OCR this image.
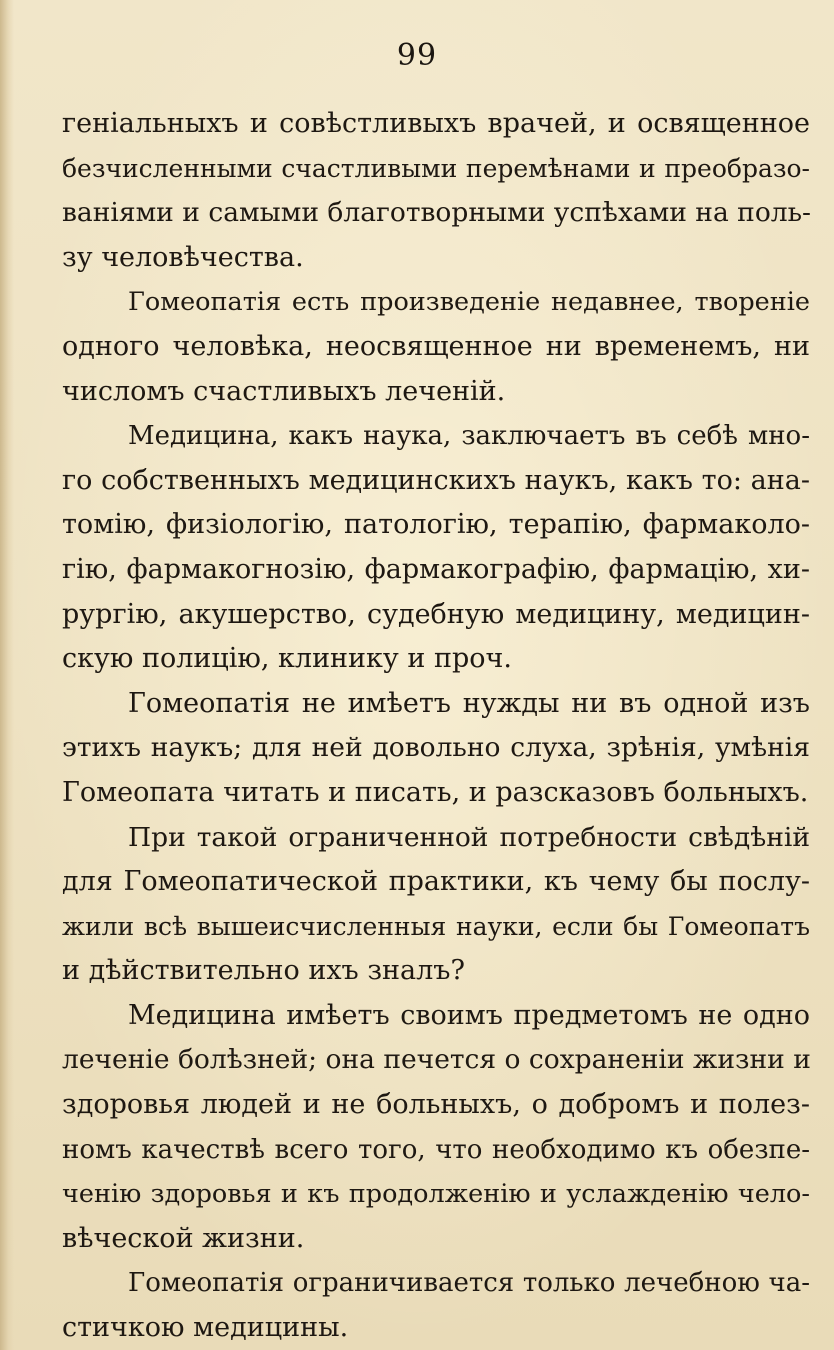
99
геніальныхъ и совѣстливыхъ врачей, и освященное
безчисленными счастливыми перемѣнами и преобразо-
ваніями и самыми благотворными успѣхами на поль-
зу человѣчества.
Гомеопатія есть произведеніе недавнее, твореніе
одного человѣка, неосвященное ни временемъ, ни
числомъ счастливыхъ леченій.
Медицина, какъ наука, заключаетъ въ себѣ мно-
го собственныхъ медицинскихъ наукъ, какъ то: ана-
томію, физіологію, патологію, терапію, фармаколо-
гію, фармакогнозію, фармакографію, фармацію, хи-
рургію, акушерство, судебную медицину, медицин-
скую полицію, клинику и проч.
Гомеопатія не имѣетъ нужды ни въ одной изъ
этихъ наукъ; для ней довольно слуха, зрѣнія, умѣнія
Гомеопата читать и писать, и разсказовъ больныхъ.
При такой ограниченной потребности свѣдѣній
для Гомеопатической практики, къ чему бы послу-
жили всѣ вышеисчисленныя науки, если бы Гомеопатъ
и дѣйствительно ихъ зналъ?
Медицина имѣетъ своимъ предметомъ не одно
леченіе болѣзней; она печется о сохраненіи жизни и
здоровья людей и не больныхъ, о добромъ и полез-
номъ качествѣ всего того, что необходимо къ обезпе-
ченію здоровья и къ продолженію и услажденію чело-
вѣческой жизни.
Гомеопатія ограничивается только лечебною ча-
стичкою медицины.
